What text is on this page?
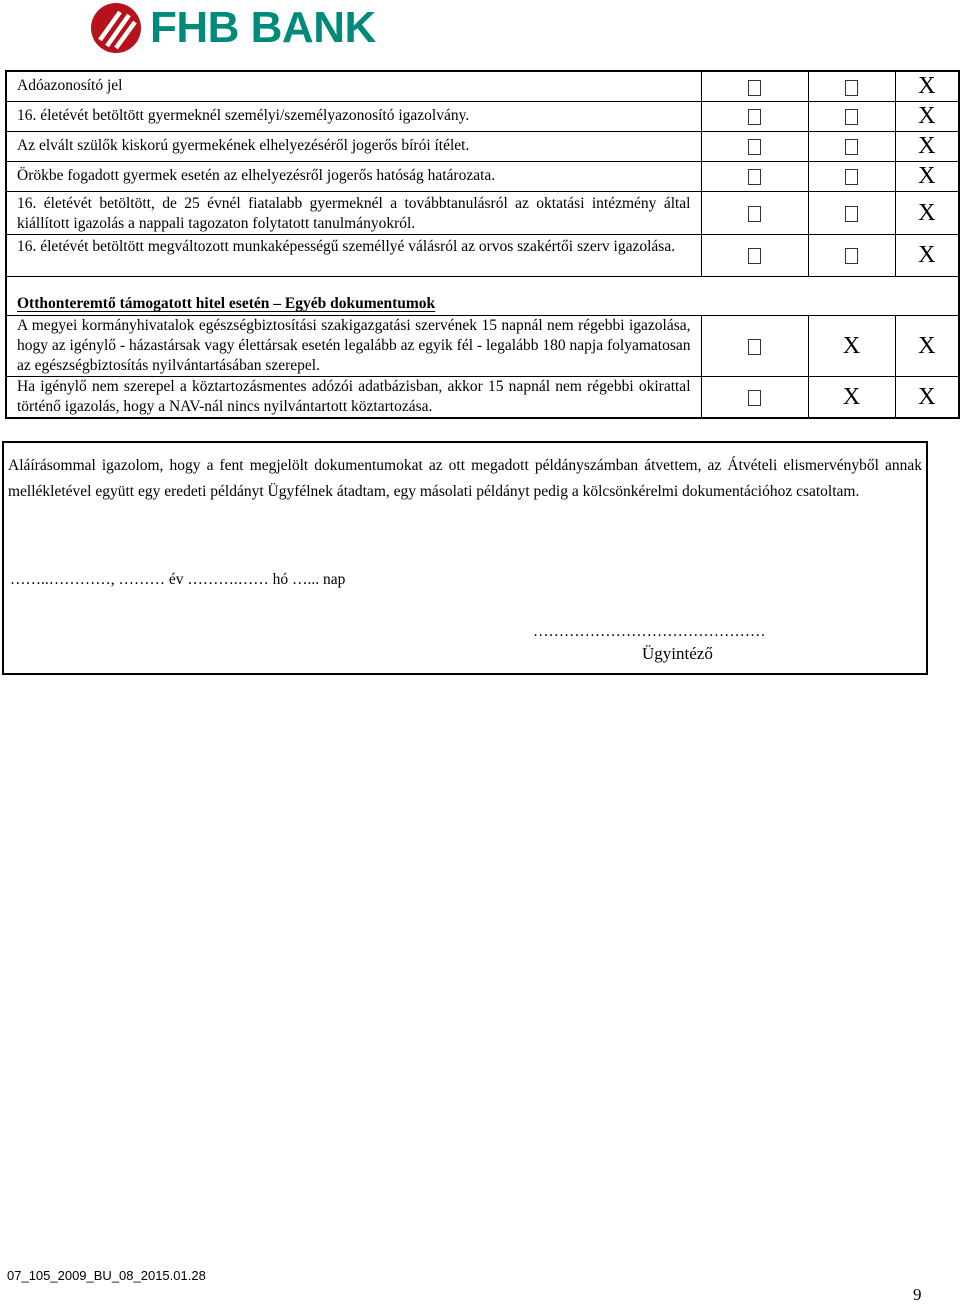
FHB BANK
Adóazonosító jel			X
16. életévét betöltött gyermeknél személyi/személyazonosító igazolvány.			X
Az elvált szülők kiskorú gyermekének elhelyezéséről jogerős bírói ítélet.			X
Örökbe fogadott gyermek esetén az elhelyezésről jogerős hatóság határozata.			X
16. életévét betöltött, de 25 évnél fiatalabb gyermeknél a továbbtanulásról az oktatási intézmény által kiállított igazolás a nappali tagozaton folytatott tanulmányokról.			X
16. életévét betöltött megváltozott munkaképességű személlyé válásról az orvos szakértői szerv igazolása.			X

Otthonteremtő támogatott hitel esetén – Egyéb dokumentumok			
A megyei kormányhivatalok egészségbiztosítási szakigazgatási szervének 15 napnál nem régebbi igazolása, hogy az igénylő - házastársak vagy élettársak esetén legalább az egyik fél - legalább 180 napja folyamatosan az egészségbiztosítás nyilvántartásában szerepel.		X	X
Ha igénylő nem szerepel a köztartozásmentes adózói adatbázisban, akkor 15 napnál nem régebbi okirattal történő igazolás, hogy a NAV-nál nincs nyilvántartott köztartozása.		X	X
Aláírásommal igazolom, hogy a fent megjelölt dokumentumokat az ott megadott példányszámban átvettem, az Átvételi elismervényből annak mellékletével együtt egy eredeti példányt Ügyfélnek átadtam, egy másolati példányt pedig a kölcsönkérelmi dokumentációhoz csatoltam.
……..…………, ……… év ……….…… hó …... nap
………………………………………
Ügyintéző
07_105_2009_BU_08_2015.01.28
9
